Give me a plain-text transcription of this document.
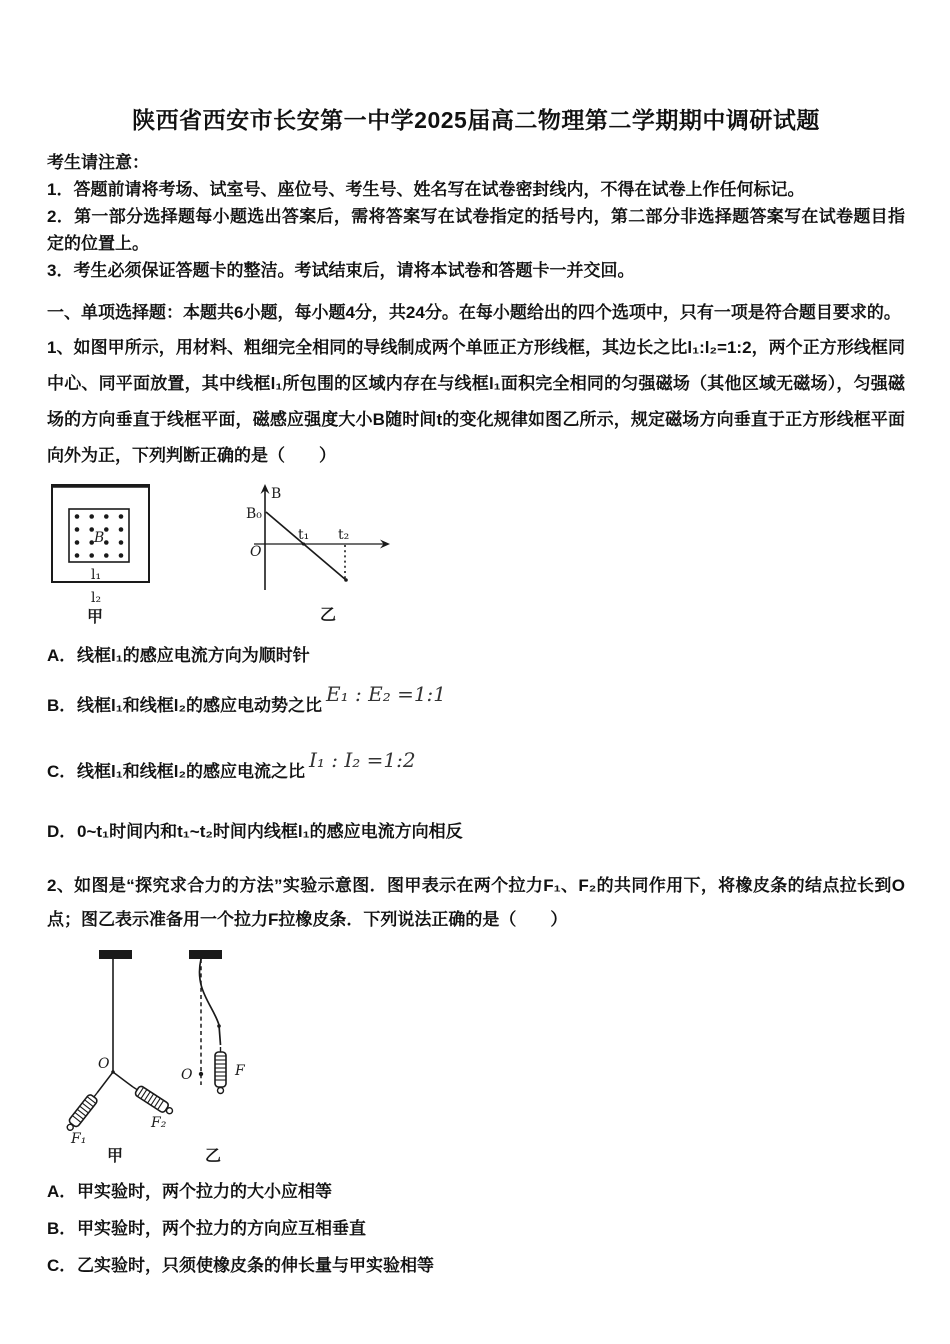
陕西省西安市长安第一中学2025届高二物理第二学期期中调研试题
考生请注意：
1．答题前请将考场、试室号、座位号、考生号、姓名写在试卷密封线内，不得在试卷上作任何标记。
2．第一部分选择题每小题选出答案后，需将答案写在试卷指定的括号内，第二部分非选择题答案写在试卷题目指定的位置上。
3．考生必须保证答题卡的整洁。考试结束后，请将本试卷和答题卡一并交回。
一、单项选择题：本题共6小题，每小题4分，共24分。在每小题给出的四个选项中，只有一项是符合题目要求的。

1、如图甲所示，用材料、粗细完全相同的导线制成两个单匝正方形线框，其边长之比l₁:l₂=1:2，两个正方形线框同中心、同平面放置，其中线框l₁所包围的区域内存在与线框l₁面积完全相同的匀强磁场（其他区域无磁场），匀强磁场的方向垂直于线框平面，磁感应强度大小B随时间t的变化规律如图乙所示，规定磁场方向垂直于正方形线框平面向外为正，下列判断正确的是（　　）

B
l₁
l₂
甲
B
B₀
O
t₁ t₂
乙
A．线框l₁的感应电流方向为顺时针
B．线框l₁和线框l₂的感应电动势之比 E₁ : E₂ =1:1
C．线框l₁和线框l₂的感应电流之比 I₁ : I₂ =1:2
D．0~t₁时间内和t₁~t₂时间内线框l₁的感应电流方向相反

2、如图是“探究求合力的方法”实验示意图．图甲表示在两个拉力F₁、F₂的共同作用下，将橡皮条的结点拉长到O点；图乙表示准备用一个拉力F拉橡皮条．下列说法正确的是（　　）

O
F₁
F₂
甲
O	F
乙
A．甲实验时，两个拉力的大小应相等
B．甲实验时，两个拉力的方向应互相垂直
C．乙实验时，只须使橡皮条的伸长量与甲实验相等
